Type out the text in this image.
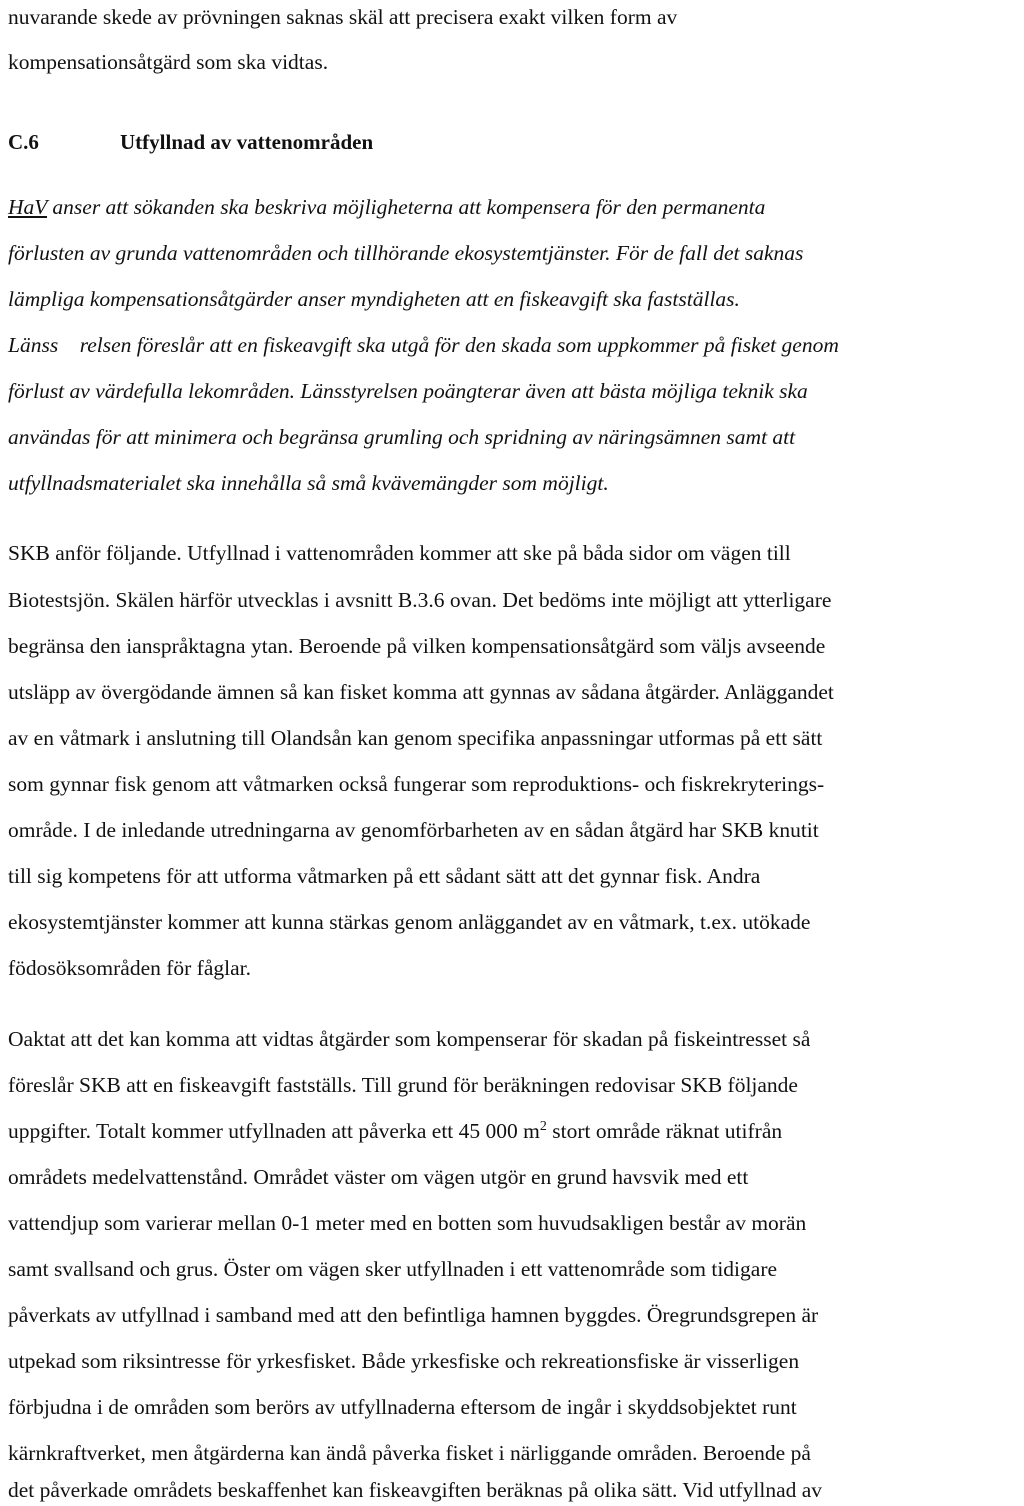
nuvarande skede av prövningen saknas skäl att precisera exakt vilken form av
kompensationsåtgärd som ska vidtas.
C.6	Utfyllnad av vattenområden
HaV anser att sökanden ska beskriva möjligheterna att kompensera för den permanenta
förlusten av grunda vattenområden och tillhörande ekosystemtjänster. För de fall det saknas
lämpliga kompensationsåtgärder anser myndigheten att en fiskeavgift ska fastställas.
Länss    relsen föreslår att en fiskeavgift ska utgå för den skada som uppkommer på fisket genom
förlust av värdefulla lekområden. Länsstyrelsen poängterar även att bästa möjliga teknik ska
användas för att minimera och begränsa grumling och spridning av näringsämnen samt att
utfyllnadsmaterialet ska innehålla så små kvävemängder som möjligt.
SKB anför följande. Utfyllnad i vattenområden kommer att ske på båda sidor om vägen till
Biotestsjön. Skälen härför utvecklas i avsnitt B.3.6 ovan. Det bedöms inte möjligt att ytterligare
begränsa den ianspråktagna ytan. Beroende på vilken kompensationsåtgärd som väljs avseende
utsläpp av övergödande ämnen så kan fisket komma att gynnas av sådana åtgärder. Anläggandet
av en våtmark i anslutning till Olandsån kan genom specifika anpassningar utformas på ett sätt
som gynnar fisk genom att våtmarken också fungerar som reproduktions- och fiskrekryterings-
område. I de inledande utredningarna av genomförbarheten av en sådan åtgärd har SKB knutit
till sig kompetens för att utforma våtmarken på ett sådant sätt att det gynnar fisk. Andra
ekosystemtjänster kommer att kunna stärkas genom anläggandet av en våtmark, t.ex. utökade
födosöksområden för fåglar.
Oaktat att det kan komma att vidtas åtgärder som kompenserar för skadan på fiskeintresset så
föreslår SKB att en fiskeavgift fastställs. Till grund för beräkningen redovisar SKB följande
uppgifter. Totalt kommer utfyllnaden att påverka ett 45 000 $m^2$ stort område räknat utifrån
områdets medelvattenstånd. Området väster om vägen utgör en grund havsvik med ett
vattendjup som varierar mellan 0-1 meter med en botten som huvudsakligen består av morän
samt svallsand och grus. Öster om vägen sker utfyllnaden i ett vattenområde som tidigare
påverkats av utfyllnad i samband med att den befintliga hamnen byggdes. Öregrundsgrepen är
utpekad som riksintresse för yrkesfisket. Både yrkesfiske och rekreationsfiske är visserligen
förbjudna i de områden som berörs av utfyllnaderna eftersom de ingår i skyddsobjektet runt
kärnkraftverket, men åtgärderna kan ändå påverka fisket i närliggande områden. Beroende på
det påverkade områdets beskaffenhet kan fiskeavgiften beräknas på olika sätt. Vid utfyllnad av
